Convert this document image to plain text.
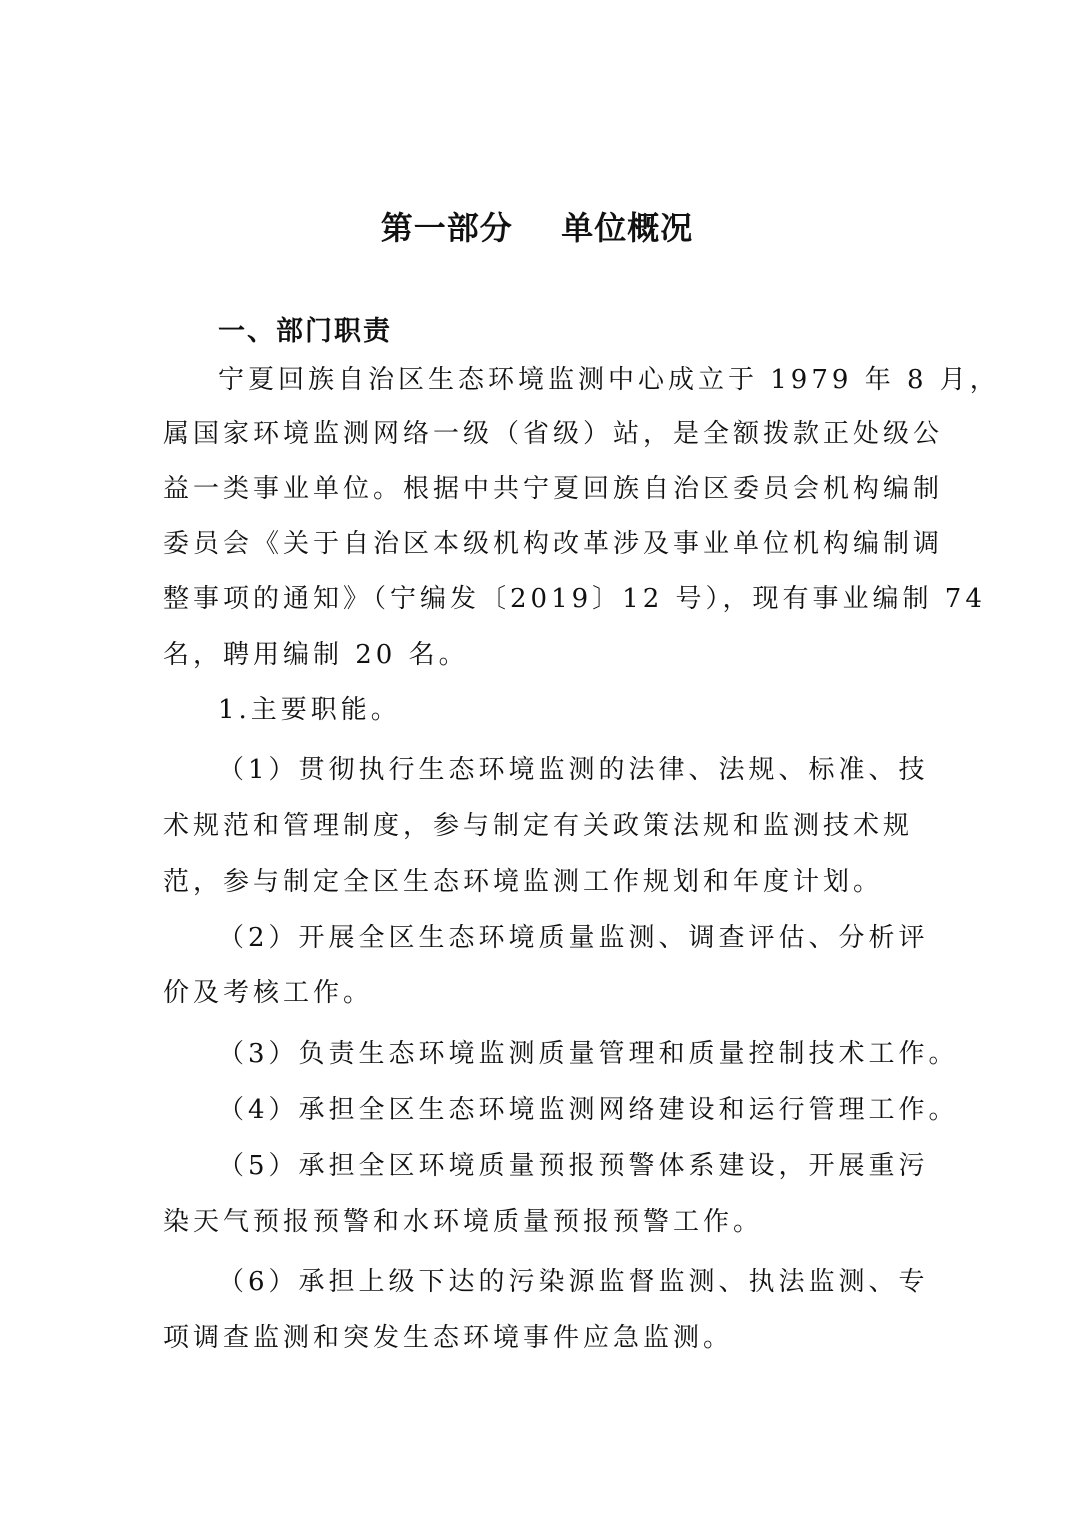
第一部分    单位概况
一、部门职责
宁夏回族自治区生态环境监测中心成立于 1979 年 8 月，
属国家环境监测网络一级（省级）站，是全额拨款正处级公
益一类事业单位。根据中共宁夏回族自治区委员会机构编制
委员会《关于自治区本级机构改革涉及事业单位机构编制调
整事项的通知》（宁编发〔2019〕12 号），现有事业编制 74
名，聘用编制 20 名。
1.主要职能。
（1）贯彻执行生态环境监测的法律、法规、标准、技
术规范和管理制度，参与制定有关政策法规和监测技术规
范，参与制定全区生态环境监测工作规划和年度计划。
（2）开展全区生态环境质量监测、调查评估、分析评
价及考核工作。
（3）负责生态环境监测质量管理和质量控制技术工作。
（4）承担全区生态环境监测网络建设和运行管理工作。
（5）承担全区环境质量预报预警体系建设，开展重污
染天气预报预警和水环境质量预报预警工作。
（6）承担上级下达的污染源监督监测、执法监测、专
项调查监测和突发生态环境事件应急监测。
